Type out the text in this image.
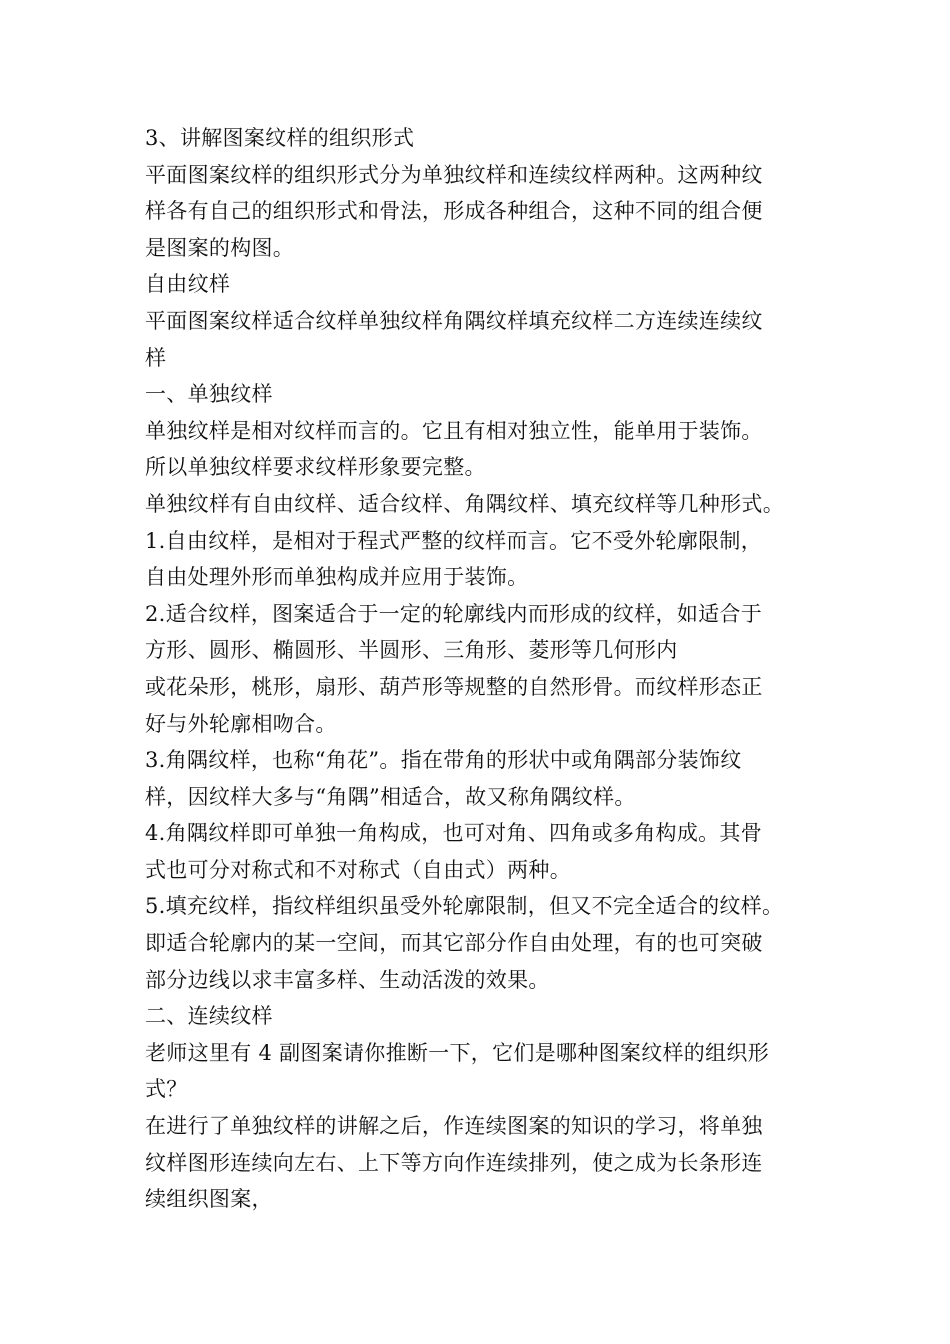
3、讲解图案纹样的组织形式
平面图案纹样的组织形式分为单独纹样和连续纹样两种。这两种纹
样各有自己的组织形式和骨法，形成各种组合，这种不同的组合便
是图案的构图。
自由纹样
平面图案纹样适合纹样单独纹样角隅纹样填充纹样二方连续连续纹
样
一、单独纹样
单独纹样是相对纹样而言的。它且有相对独立性，能单用于装饰。
所以单独纹样要求纹样形象要完整。
单独纹样有自由纹样、适合纹样、角隅纹样、填充纹样等几种形式。
1.自由纹样，是相对于程式严整的纹样而言。它不受外轮廓限制，
自由处理外形而单独构成并应用于装饰。
2.适合纹样，图案适合于一定的轮廓线内而形成的纹样，如适合于
方形、圆形、椭圆形、半圆形、三角形、菱形等几何形内
或花朵形，桃形，扇形、葫芦形等规整的自然形骨。而纹样形态正
好与外轮廓相吻合。
3.角隅纹样，也称“角花”。指在带角的形状中或角隅部分装饰纹
样，因纹样大多与“角隅”相适合，故又称角隅纹样。
4.角隅纹样即可单独一角构成，也可对角、四角或多角构成。其骨
式也可分对称式和不对称式（自由式）两种。
5.填充纹样，指纹样组织虽受外轮廓限制，但又不完全适合的纹样。
即适合轮廓内的某一空间，而其它部分作自由处理，有的也可突破
部分边线以求丰富多样、生动活泼的效果。
二、连续纹样
老师这里有 4 副图案请你推断一下，它们是哪种图案纹样的组织形
式？
在进行了单独纹样的讲解之后，作连续图案的知识的学习，将单独
纹样图形连续向左右、上下等方向作连续排列，使之成为长条形连
续组织图案，
